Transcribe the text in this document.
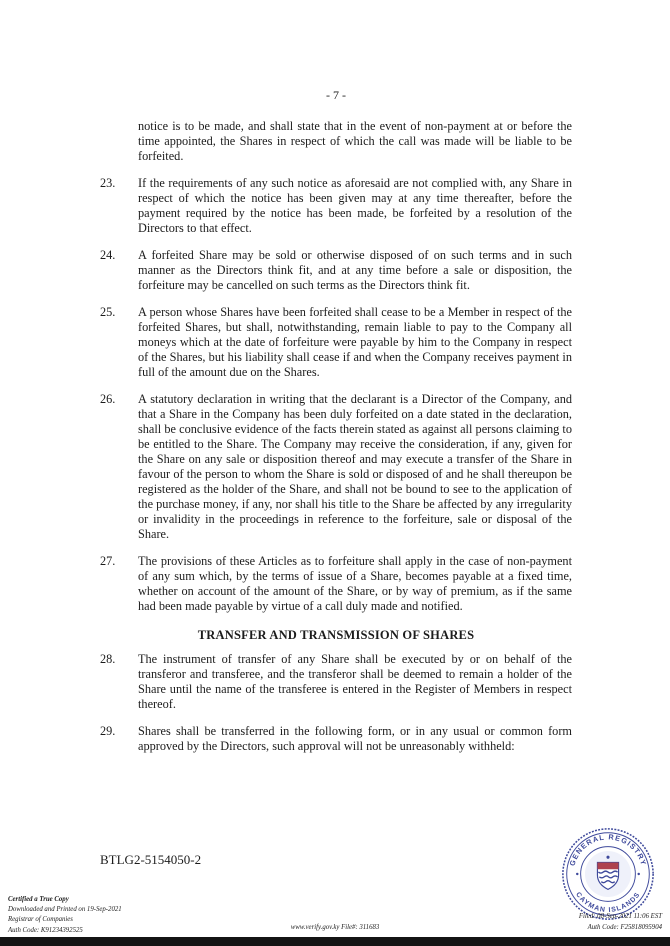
- 7 -
notice is to be made, and shall state that in the event of non-payment at or before the time appointed, the Shares in respect of which the call was made will be liable to be forfeited.
23.	If the requirements of any such notice as aforesaid are not complied with, any Share in respect of which the notice has been given may at any time thereafter, before the payment required by the notice has been made, be forfeited by a resolution of the Directors to that effect.
24.	A forfeited Share may be sold or otherwise disposed of on such terms and in such manner as the Directors think fit, and at any time before a sale or disposition, the forfeiture may be cancelled on such terms as the Directors think fit.
25.	A person whose Shares have been forfeited shall cease to be a Member in respect of the forfeited Shares, but shall, notwithstanding, remain liable to pay to the Company all moneys which at the date of forfeiture were payable by him to the Company in respect of the Shares, but his liability shall cease if and when the Company receives payment in full of the amount due on the Shares.
26.	A statutory declaration in writing that the declarant is a Director of the Company, and that a Share in the Company has been duly forfeited on a date stated in the declaration, shall be conclusive evidence of the facts therein stated as against all persons claiming to be entitled to the Share. The Company may receive the consideration, if any, given for the Share on any sale or disposition thereof and may execute a transfer of the Share in favour of the person to whom the Share is sold or disposed of and he shall thereupon be registered as the holder of the Share, and shall not be bound to see to the application of the purchase money, if any, nor shall his title to the Share be affected by any irregularity or invalidity in the proceedings in reference to the forfeiture, sale or disposal of the Share.
27.	The provisions of these Articles as to forfeiture shall apply in the case of non-payment of any sum which, by the terms of issue of a Share, becomes payable at a fixed time, whether on account of the amount of the Share, or by way of premium, as if the same had been made payable by virtue of a call duly made and notified.
TRANSFER AND TRANSMISSION OF SHARES
28.	The instrument of transfer of any Share shall be executed by or on behalf of the transferor and transferee, and the transferor shall be deemed to remain a holder of the Share until the name of the transferee is entered in the Register of Members in respect thereof.
29.	Shares shall be transferred in the following form, or in any usual or common form approved by the Directors, such approval will not be unreasonably withheld:
BTLG2-5154050-2	GENERAL REGISTRY
CAYMAN ISLANDS
Certified a True Copy
Downloaded and Printed on 19-Sep-2021
Registrar of Companies
Auth Code: K91234392525	www.verify.gov.ky File#: 311683
Filed: 08-Sep-2021 11:06 EST
Auth Code: F25818095904
